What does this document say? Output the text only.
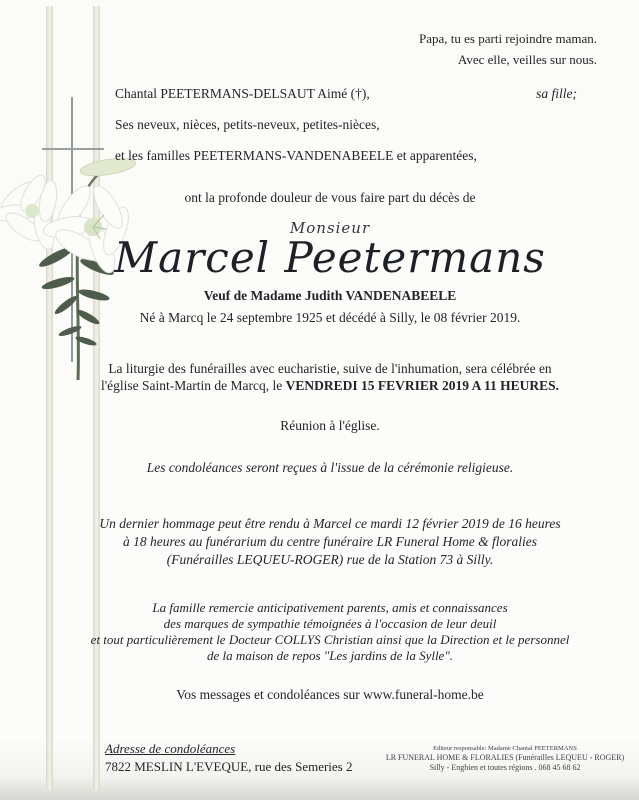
Papa, tu es parti rejoindre maman.
Avec elle, veilles sur nous.
Chantal PEETERMANS-DELSAUT Aimé (†),	sa fille;
Ses neveux, nièces, petits-neveux, petites-nièces,
et les familles PEETERMANS-VANDENABEELE et apparentées,
ont la profonde douleur de vous faire part du décès de
Monsieur
Marcel Peetermans
Veuf de Madame Judith VANDENABEELE
Né à Marcq le 24 septembre 1925 et décédé à Silly, le 08 février 2019.
La liturgie des funérailles avec eucharistie, suive de l'inhumation, sera célébrée en
l'église Saint-Martin de Marcq, le VENDREDI 15 FEVRIER 2019 A 11 HEURES.
Réunion à l'église.
Les condoléances seront reçues à l'issue de la cérémonie religieuse.
Un dernier hommage peut être rendu à Marcel ce mardi 12 février 2019 de 16 heures
à 18 heures au funérarium du centre funéraire LR Funeral Home & floralies
(Funérailles LEQUEU-ROGER) rue de la Station 73 à Silly.
La famille remercie anticipativement parents, amis et connaissances
des marques de sympathie témoignées à l'occasion de leur deuil
et tout particulièrement le Docteur COLLYS Christian ainsi que la Direction et le personnel
de la maison de repos "Les jardins de la Sylle".
Vos messages et condoléances sur www.funeral-home.be
Adresse de condoléances
7822 MESLIN L'EVEQUE, rue des Semeries 2
Editeur responsable: Madame Chantal PEETERMANS
LR FUNERAL HOME & FLORALIES (Funérailles LEQUEU - ROGER)
Silly - Enghien et toutes régions . 068 45 68 62
